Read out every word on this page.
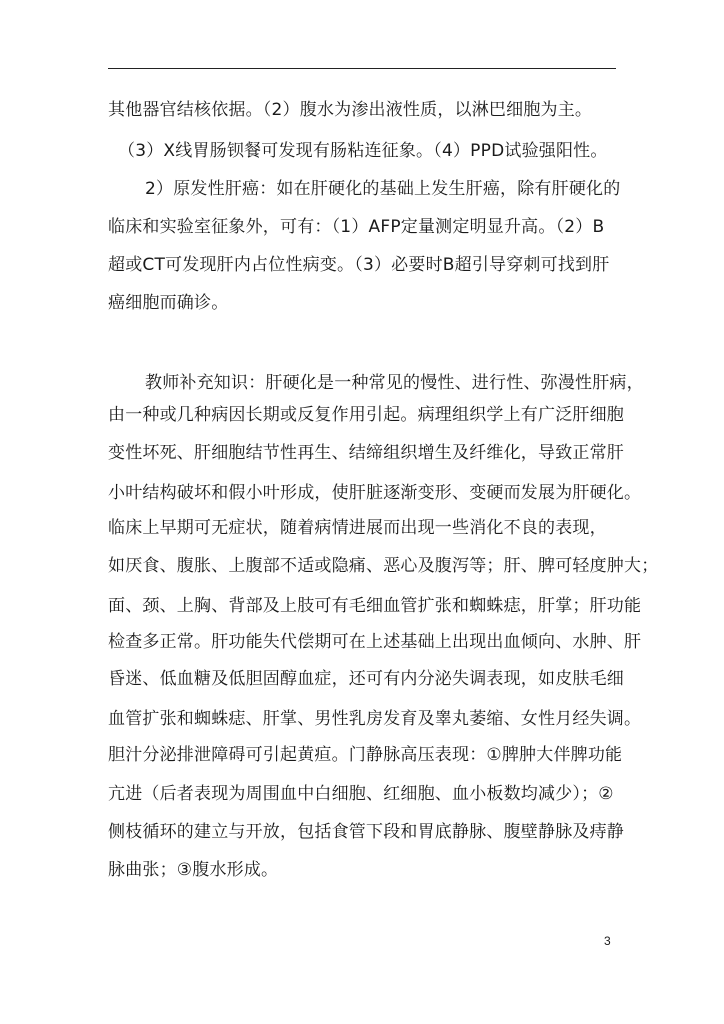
其他器官结核依据。（2）腹水为渗出液性质，以淋巴细胞为主。
（3）X线胃肠钡餐可发现有肠粘连征象。（4）PPD试验强阳性。
2）原发性肝癌：如在肝硬化的基础上发生肝癌，除有肝硬化的
临床和实验室征象外，可有：（1）AFP定量测定明显升高。（2）B
超或CT可发现肝内占位性病变。（3）必要时B超引导穿刺可找到肝
癌细胞而确诊。
教师补充知识：肝硬化是一种常见的慢性、进行性、弥漫性肝病，
由一种或几种病因长期或反复作用引起。病理组织学上有广泛肝细胞
变性坏死、肝细胞结节性再生、结缔组织增生及纤维化，导致正常肝
小叶结构破坏和假小叶形成，使肝脏逐渐变形、变硬而发展为肝硬化。
临床上早期可无症状，随着病情进展而出现一些消化不良的表现，
如厌食、腹胀、上腹部不适或隐痛、恶心及腹泻等；肝、脾可轻度肿大；
面、颈、上胸、背部及上肢可有毛细血管扩张和蜘蛛痣，肝掌；肝功能
检查多正常。肝功能失代偿期可在上述基础上出现出血倾向、水肿、肝
昏迷、低血糖及低胆固醇血症，还可有内分泌失调表现，如皮肤毛细
血管扩张和蜘蛛痣、肝掌、男性乳房发育及睾丸萎缩、女性月经失调。
胆汁分泌排泄障碍可引起黄疸。门静脉高压表现：①脾肿大伴脾功能
亢进（后者表现为周围血中白细胞、红细胞、血小板数均减少）；②
侧枝循环的建立与开放，包括食管下段和胃底静脉、腹壁静脉及痔静
脉曲张；③腹水形成。
3
